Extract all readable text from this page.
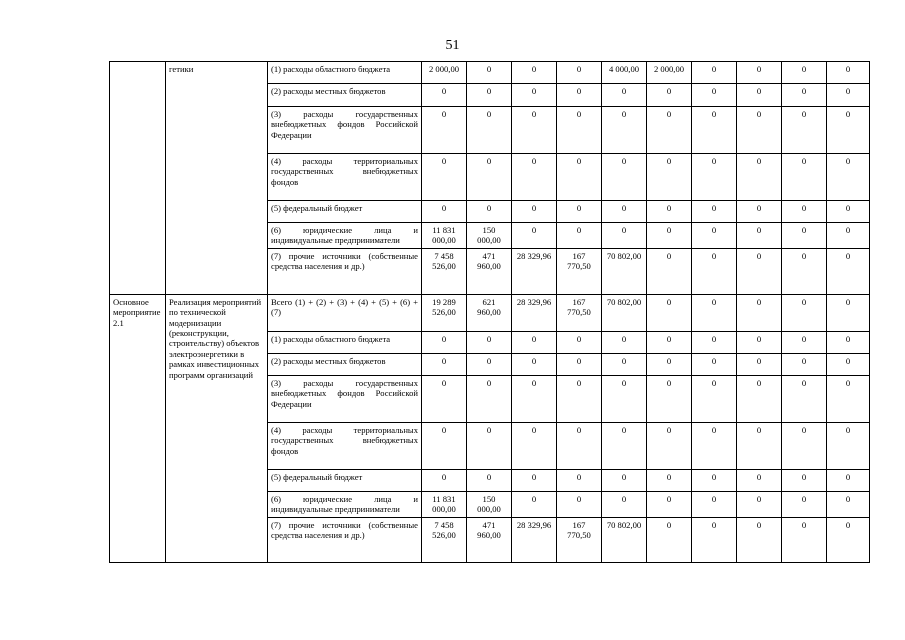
51
	гетики	(1) расходы областного бюджета	2 000,00	0	0	0	4 000,00	2 000,00	0	0	0	0
		(2) расходы местных бюджетов	0	0	0	0	0	0	0	0	0	0
		(3) расходы государственных внебюджетных фондов Российской Федерации	0	0	0	0	0	0	0	0	0	0
		(4) расходы территориальных государственных внебюджетных фондов	0	0	0	0	0	0	0	0	0	0
		(5) федеральный бюджет	0	0	0	0	0	0	0	0	0	0
		(6) юридические лица и индивидуальные предприниматели	11 831 000,00	150 000,00	0	0	0	0	0	0	0	0
		(7) прочие источники (собственные средства населения и др.)	7 458 526,00	471 960,00	28 329,96	167 770,50	70 802,00	0	0	0	0	0
Основное мероприятие 2.1	Реализация мероприятий по технической модернизации (реконструкции, строительству) объектов электроэнергетики в рамках инвестиционных программ организаций	Всего (1) + (2) + (3) + (4) + (5) + (6) + (7)	19 289 526,00	621 960,00	28 329,96	167 770,50	70 802,00	0	0	0	0	0
		(1) расходы областного бюджета	0	0	0	0	0	0	0	0	0	0
		(2) расходы местных бюджетов	0	0	0	0	0	0	0	0	0	0
		(3) расходы государственных внебюджетных фондов Российской Федерации	0	0	0	0	0	0	0	0	0	0
		(4) расходы территориальных государственных внебюджетных фондов	0	0	0	0	0	0	0	0	0	0
		(5) федеральный бюджет	0	0	0	0	0	0	0	0	0	0
		(6) юридические лица и индивидуальные предприниматели	11 831 000,00	150 000,00	0	0	0	0	0	0	0	0
		(7) прочие источники (собственные средства населения и др.)	7 458 526,00	471 960,00	28 329,96	167 770,50	70 802,00	0	0	0	0	0
